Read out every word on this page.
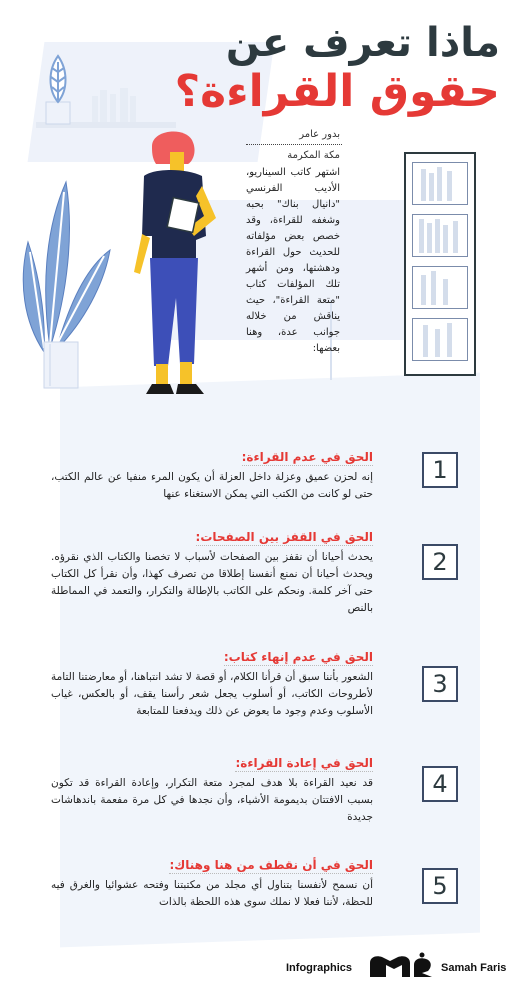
ماذا تعرف عن
حقوق القراءة؟
بدور عامر
مكة المكرمة
اشتهر كاتب السيناريو، الأديب الفرنسي "دانيال بناك" بحبه وشغفه للقراءة، وقد خصص بعض مؤلفاته للحديث حول القراءة ودهشتها، ومن أشهر تلك المؤلفات كتاب "متعة القراءة"، حيث يناقش من خلاله جوانب عدة، وهنا بعضها:
الحق في عدم القراءة:
إنه لحزن عميق وعزلة داخل العزلة أن يكون المرء منفيا عن عالم الكتب، حتى لو كانت من الكتب التي يمكن الاستغناء عنها
1
الحق في القفز بين الصفحات:
يحدث أحيانا أن نقفز بين الصفحات لأسباب لا تخصنا والكتاب الذي نقرؤه. ويحدث أحيانا أن نمنع أنفسنا إطلاقا من تصرف كهذا، وأن نقرأ كل الكتاب حتى آخر كلمة. ونحكم على الكاتب بالإطالة والتكرار، والتعمد في المماطلة بالنص
2
الحق في عدم إنهاء كتاب:
الشعور بأننا سبق أن قرأنا الكلام، أو قصة لا تشد انتباهنا، أو معارضتنا التامة لأطروحات الكاتب، أو أسلوب يجعل شعر رأسنا يقف، أو بالعكس، غياب الأسلوب وعدم وجود ما يعوض عن ذلك ويدفعنا للمتابعة
3
الحق في إعادة القراءة:
قد نعيد القراءة بلا هدف لمجرد متعة التكرار، وإعادة القراءة قد تكون بسبب الافتتان بديمومة الأشياء، وأن نجدها في كل مرة مفعمة باندهاشات جديدة
4
الحق في أن نقطف من هنا وهناك:
أن نسمح لأنفسنا بتناول أي مجلد من مكتبتنا وفتحه عشوائيا والغرق فيه للحظة، لأننا فعلا لا نملك سوى هذه اللحظة بالذات
5
Infographics	Samah Faris
